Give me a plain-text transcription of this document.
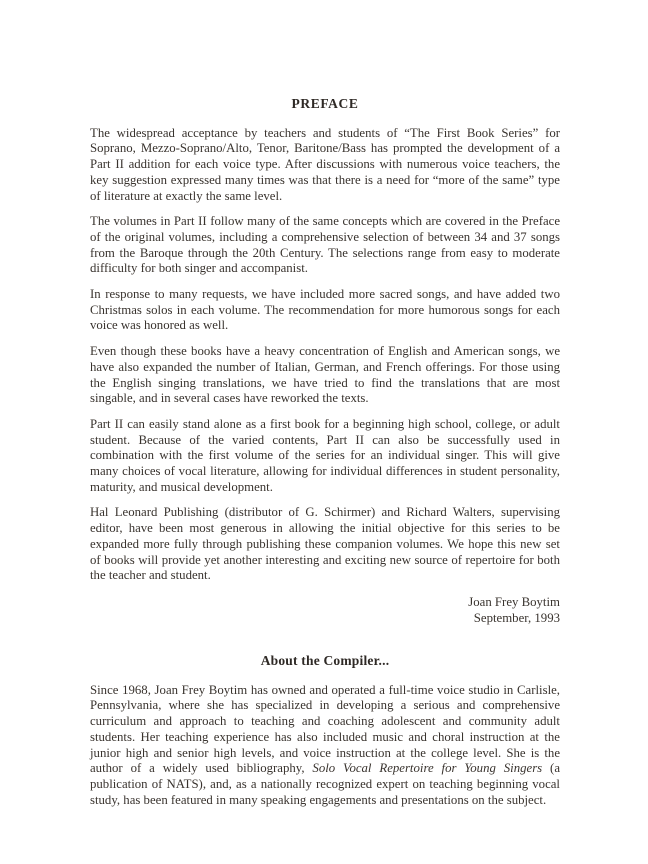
PREFACE

The widespread acceptance by teachers and students of “The First Book Series” for Soprano, Mezzo-Soprano/Alto, Tenor, Baritone/Bass has prompted the development of a Part II addition for each voice type. After discussions with numerous voice teachers, the key suggestion expressed many times was that there is a need for “more of the same” type of literature at exactly the same level.

The volumes in Part II follow many of the same concepts which are covered in the Preface of the original volumes, including a comprehensive selection of between 34 and 37 songs from the Baroque through the 20th Century. The selections range from easy to moderate difficulty for both singer and accompanist.

In response to many requests, we have included more sacred songs, and have added two Christmas solos in each volume. The recommendation for more humorous songs for each voice was honored as well.

Even though these books have a heavy concentration of English and American songs, we have also expanded the number of Italian, German, and French offerings. For those using the English singing translations, we have tried to find the translations that are most singable, and in several cases have reworked the texts.

Part II can easily stand alone as a first book for a beginning high school, college, or adult student. Because of the varied contents, Part II can also be successfully used in combination with the first volume of the series for an individual singer. This will give many choices of vocal literature, allowing for individual differences in student personality, maturity, and musical development.

Hal Leonard Publishing (distributor of G. Schirmer) and Richard Walters, supervising editor, have been most generous in allowing the initial objective for this series to be expanded more fully through publishing these companion volumes. We hope this new set of books will provide yet another interesting and exciting new source of repertoire for both the teacher and student.

Joan Frey Boytim
September, 1993
About the Compiler...

Since 1968, Joan Frey Boytim has owned and operated a full-time voice studio in Carlisle, Pennsylvania, where she has specialized in developing a serious and comprehensive curriculum and approach to teaching and coaching adolescent and community adult students. Her teaching experience has also included music and choral instruction at the junior high and senior high levels, and voice instruction at the college level. She is the author of a widely used bibliography, Solo Vocal Repertoire for Young Singers (a publication of NATS), and, as a nationally recognized expert on teaching beginning vocal study, has been featured in many speaking engagements and presentations on the subject.
